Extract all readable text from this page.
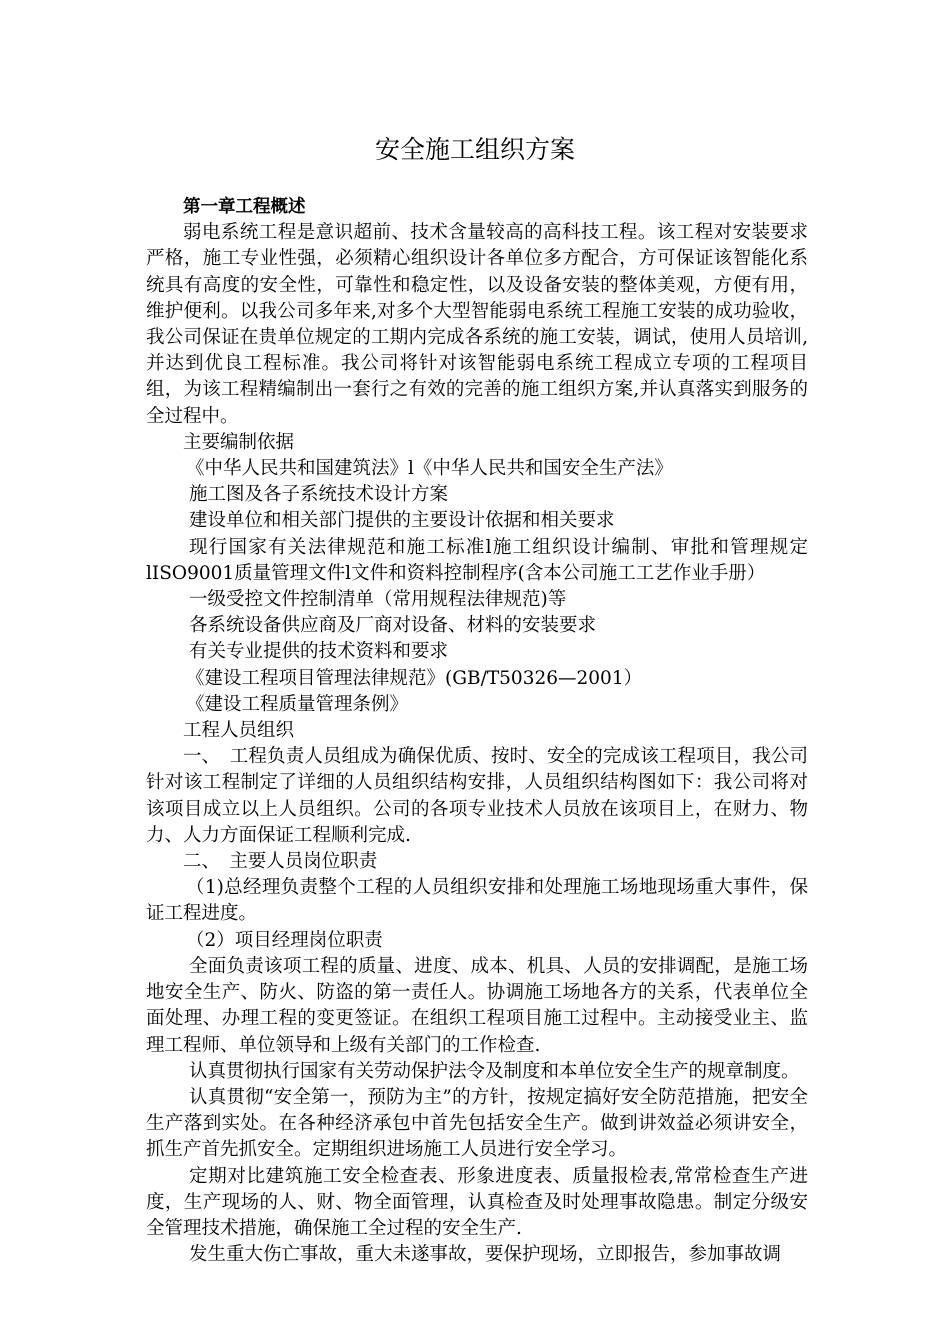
安全施工组织方案

第一章工程概述

弱电系统工程是意识超前、技术含量较高的高科技工程。该工程对安装要求严格，施工专业性强，必须精心组织设计各单位多方配合，方可保证该智能化系统具有高度的安全性，可靠性和稳定性，以及设备安装的整体美观，方便有用，维护便利。以我公司多年来,对多个大型智能弱电系统工程施工安装的成功验收，我公司保证在贵单位规定的工期内完成各系统的施工安装，调试，使用人员培训,并达到优良工程标准。我公司将针对该智能弱电系统工程成立专项的工程项目组，为该工程精编制出一套行之有效的完善的施工组织方案,并认真落实到服务的全过程中。

主要编制依据

《中华人民共和国建筑法》l《中华人民共和国安全生产法》

施工图及各子系统技术设计方案

建设单位和相关部门提供的主要设计依据和相关要求

现行国家有关法律规范和施工标准l施工组织设计编制、审批和管理规定lISO9001质量管理文件l文件和资料控制程序(含本公司施工工艺作业手册）

一级受控文件控制清单（常用规程法律规范)等

各系统设备供应商及厂商对设备、材料的安装要求

有关专业提供的技术资料和要求

《建设工程项目管理法律规范》(GB/T50326—2001）

《建设工程质量管理条例》

工程人员组织

一、　工程负责人员组成为确保优质、按时、安全的完成该工程项目，我公司针对该工程制定了详细的人员组织结构安排，人员组织结构图如下：我公司将对该项目成立以上人员组织。公司的各项专业技术人员放在该项目上，在财力、物力、人力方面保证工程顺利完成.

二、　主要人员岗位职责

（1)总经理负责整个工程的人员组织安排和处理施工场地现场重大事件，保证工程进度。

（2）项目经理岗位职责

全面负责该项工程的质量、进度、成本、机具、人员的安排调配，是施工场地安全生产、防火、防盗的第一责任人。协调施工场地各方的关系，代表单位全面处理、办理工程的变更签证。在组织工程项目施工过程中。主动接受业主、监理工程师、单位领导和上级有关部门的工作检查.

认真贯彻执行国家有关劳动保护法令及制度和本单位安全生产的规章制度。

认真贯彻“安全第一，预防为主”的方针，按规定搞好安全防范措施，把安全生产落到实处。在各种经济承包中首先包括安全生产。做到讲效益必须讲安全，抓生产首先抓安全。定期组织进场施工人员进行安全学习。

定期对比建筑施工安全检查表、形象进度表、质量报检表,常常检查生产进度，生产现场的人、财、物全面管理，认真检查及时处理事故隐患。制定分级安全管理技术措施，确保施工全过程的安全生产.

发生重大伤亡事故，重大未遂事故，要保护现场，立即报告，参加事故调
